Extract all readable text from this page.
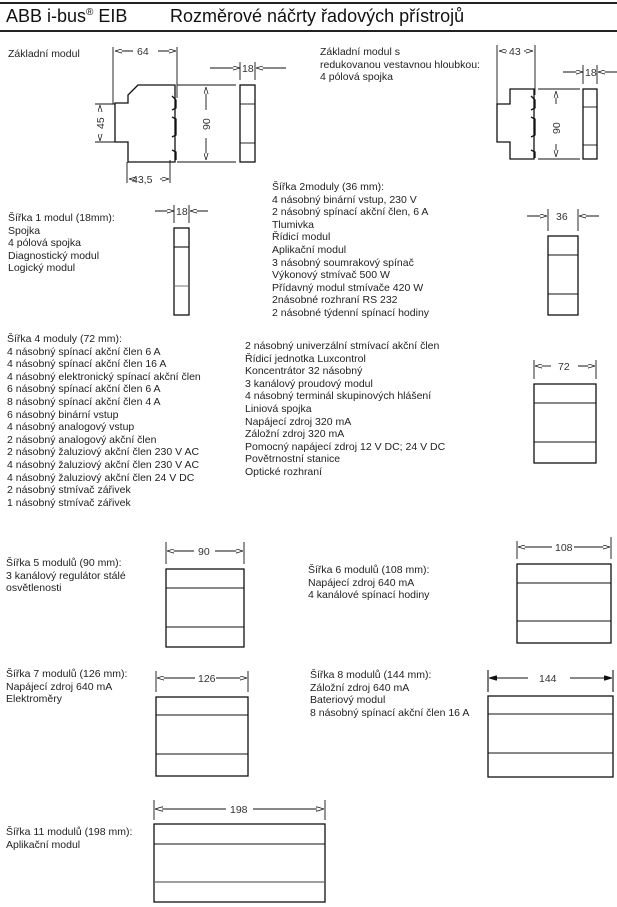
ABB i-bus® EIB Rozměrové náčrty řadových přístrojů
Základní modul	Základní modul s
redukovanou vestavnou hloubkou:
4 pólová spojka
Šířka 1 modul (18mm):
Spojka
4 pólová spojka
Diagnostický modul
Logický modul
Šířka 2moduly (36 mm):
4 násobný binární vstup, 230 V
2 násobný spínací akční člen, 6 A
Tlumivka
Řídicí modul
Aplikační modul
3 násobný soumrakový spínač
Výkonový stmívač 500 W
Přídavný modul stmívače 420 W
2násobné rozhraní RS 232
2 násobné týdenní spínací hodiny
Šířka 4 moduly (72 mm):
4 násobný spínací akční člen 6 A
4 násobný spínací akční člen 16 A
4 násobný elektronický spínací akční člen
6 násobný spínací akční člen 6 A
8 násobný spínací akční člen 4 A
6 násobný binární vstup
4 násobný analogový vstup
2 násobný analogový akční člen
2 násobný žaluziový akční člen 230 V AC
4 násobný žaluziový akční člen 230 V AC
4 násobný žaluziový akční člen 24 V DC
2 násobný stmívač zářivek
1 násobný stmívač zářivek
2 násobný univerzální stmívací akční člen
Řídicí jednotka Luxcontrol
Koncentrátor 32 násobný
3 kanálový proudový modul
4 násobný terminál skupinových hlášení
Liniová spojka
Napájecí zdroj 320 mA
Záložní zdroj 320 mA
Pomocný napájecí zdroj 12 V DC; 24 V DC
Povětrnostní stanice
Optické rozhraní
Šířka 5 modulů (90 mm):
3 kanálový regulátor stálé
osvětlenosti
Šířka 6 modulů (108 mm):
Napájecí zdroj 640 mA
4 kanálové spínací hodiny
Šířka 7 modulů (126 mm):
Napájecí zdroj 640 mA
Elektroměry
Šířka 8 modulů (144 mm):
Záložní zdroj 640 mA
Bateriový modul
8 násobný spínací akční člen 16 A
Šířka 11 modulů (198 mm):
Aplikační modul
64
45
43,5
90
18
43
90
18
18	36
72
90	108
126	144
198
